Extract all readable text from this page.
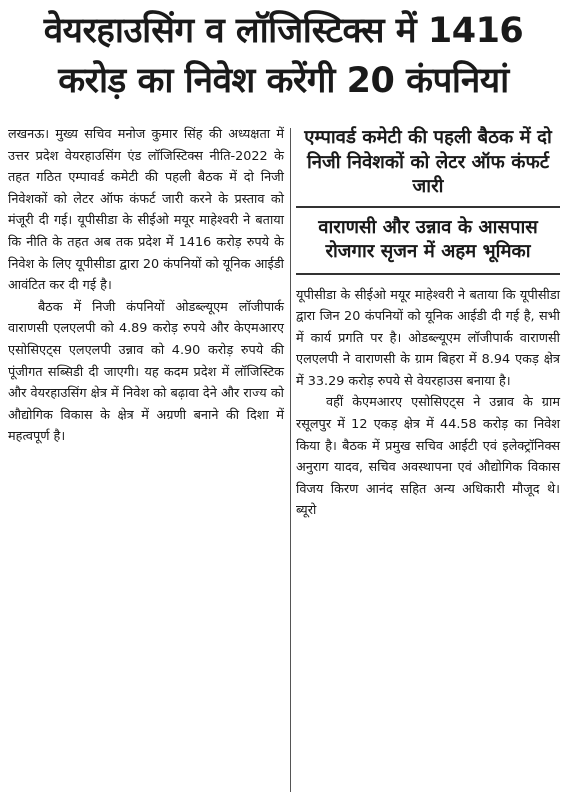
वेयरहाउसिंग व लॉजिस्टिक्स में 1416 करोड़ का निवेश करेंगी 20 कंपनियां

लखनऊ। मुख्य सचिव मनोज कुमार सिंह की अध्यक्षता में उत्तर प्रदेश वेयरहाउसिंग एंड लॉजिस्टिक्स नीति-2022 के तहत गठित एम्पावर्ड कमेटी की पहली बैठक में दो निजी निवेशकों को लेटर ऑफ कंफर्ट जारी करने के प्रस्ताव को मंजूरी दी गई। यूपीसीडा के सीईओ मयूर माहेश्वरी ने बताया कि नीति के तहत अब तक प्रदेश में 1416 करोड़ रुपये के निवेश के लिए यूपीसीडा द्वारा 20 कंपनियों को यूनिक आईडी आवंटित कर दी गई है।

बैठक में निजी कंपनियों ओडब्ल्यूएम लॉजीपार्क वाराणसी एलएलपी को 4.89 करोड़ रुपये और केएमआरए एसोसिएट्स एलएलपी उन्नाव को 4.90 करोड़ रुपये की पूंजीगत सब्सिडी दी जाएगी। यह कदम प्रदेश में लॉजिस्टिक और वेयरहाउसिंग क्षेत्र में निवेश को बढ़ावा देने और राज्य को औद्योगिक विकास के क्षेत्र में अग्रणी बनाने की दिशा में महत्वपूर्ण है।

एम्पावर्ड कमेटी की पहली बैठक में दो निजी निवेशकों को लेटर ऑफ कंफर्ट जारी
वाराणसी और उन्नाव के आसपास रोजगार सृजन में अहम भूमिका

यूपीसीडा के सीईओ मयूर माहेश्वरी ने बताया कि यूपीसीडा द्वारा जिन 20 कंपनियों को यूनिक आईडी दी गई है, सभी में कार्य प्रगति पर है। ओडब्ल्यूएम लॉजीपार्क वाराणसी एलएलपी ने वाराणसी के ग्राम बिहरा में 8.94 एकड़ क्षेत्र में 33.29 करोड़ रुपये से वेयरहाउस बनाया है।

वहीं केएमआरए एसोसिएट्स ने उन्नाव के ग्राम रसूलपुर में 12 एकड़ क्षेत्र में 44.58 करोड़ का निवेश किया है। बैठक में प्रमुख सचिव आईटी एवं इलेक्ट्रॉनिक्स अनुराग यादव, सचिव अवस्थापना एवं औद्योगिक विकास विजय किरण आनंद सहित अन्य अधिकारी मौजूद थे। ब्यूरो
